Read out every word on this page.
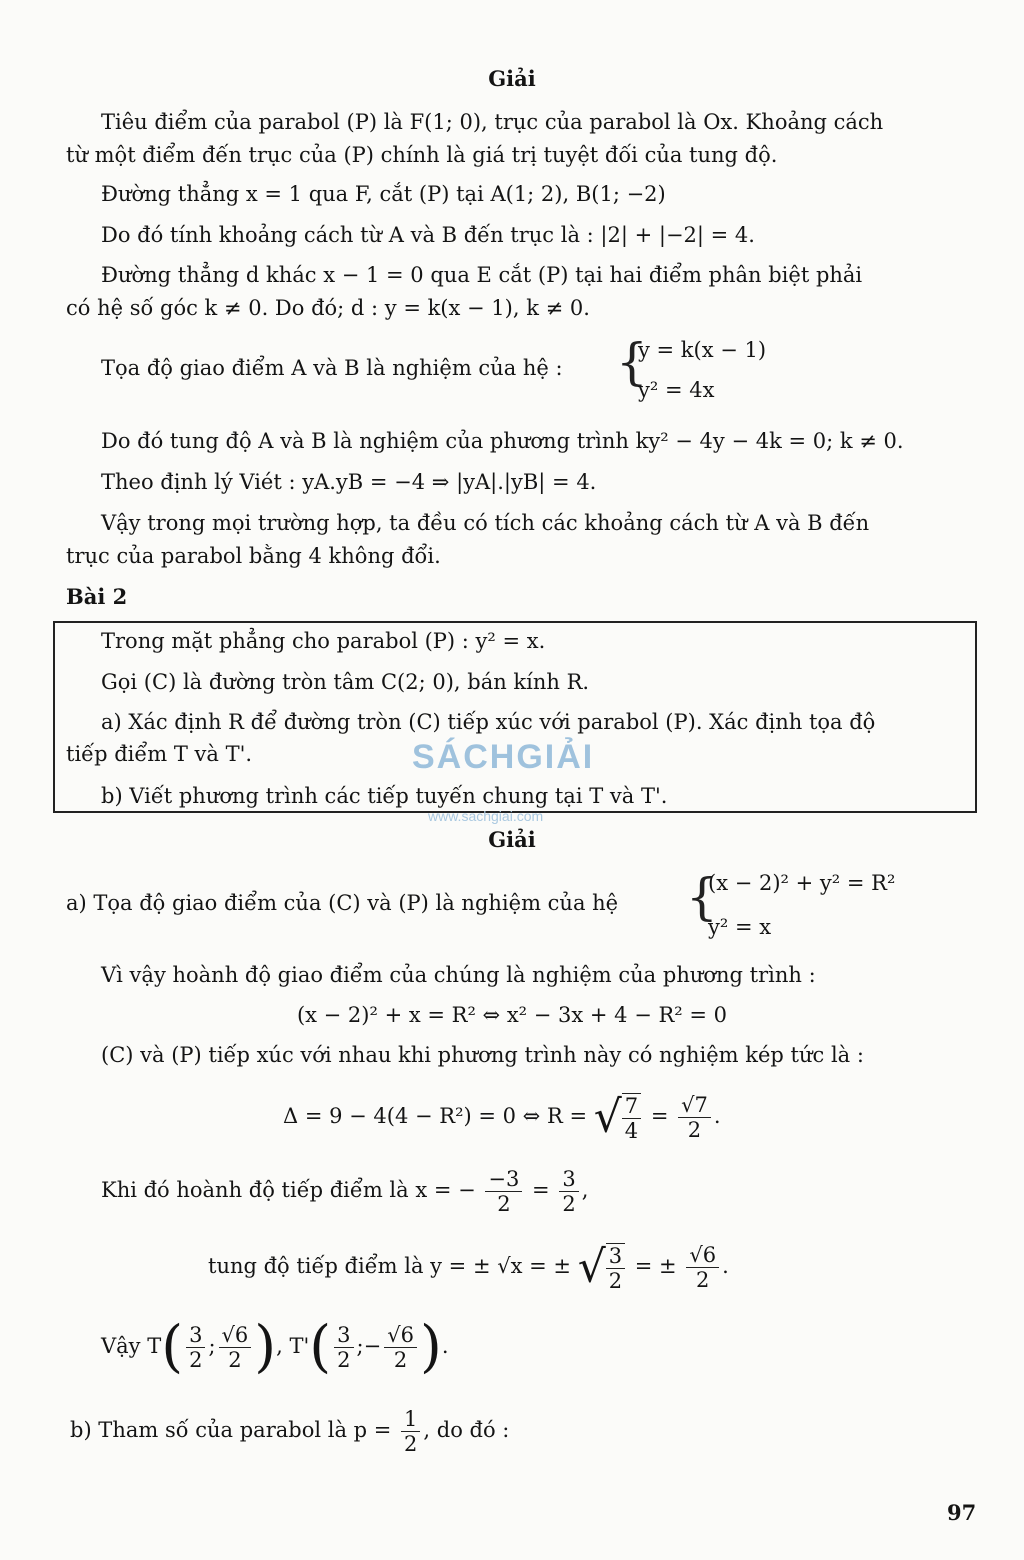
Giải
Tiêu điểm của parabol (P) là F(1; 0), trục của parabol là Ox. Khoảng cách
từ một điểm đến trục của (P) chính là giá trị tuyệt đối của tung độ.
Đường thẳng x = 1 qua F, cắt (P) tại A(1; 2), B(1; −2)
Do đó tính khoảng cách từ A và B đến trục là : |2| + |−2| = 4.
Đường thẳng d khác x − 1 = 0 qua E cắt (P) tại hai điểm phân biệt phải
có hệ số góc k ≠ 0. Do đó; d : y = k(x − 1), k ≠ 0.
Tọa độ giao điểm A và B là nghiệm của hệ : {
y = k(x − 1)
y² = 4x
Do đó tung độ A và B là nghiệm của phương trình ky² − 4y − 4k = 0; k ≠ 0.
Theo định lý Viét : yA.yB = −4 ⇒ |yA|.|yB| = 4.
Vậy trong mọi trường hợp, ta đều có tích các khoảng cách từ A và B đến
trục của parabol bằng 4 không đổi.
Bài 2
Trong mặt phẳng cho parabol (P) : y² = x.
Gọi (C) là đường tròn tâm C(2; 0), bán kính R.
a) Xác định R để đường tròn (C) tiếp xúc với parabol (P). Xác định tọa độ
tiếp điểm T và T'.
b) Viết phương trình các tiếp tuyến chung tại T và T'.
SÁCHGIẢI
www.sachgiai.com
Giải
a) Tọa độ giao điểm của (C) và (P) là nghiệm của hệ {
(x − 2)² + y² = R²
y² = x
Vì vậy hoành độ giao điểm của chúng là nghiệm của phương trình :
(x − 2)² + x = R² ⇔ x² − 3x + 4 − R² = 0
(C) và (P) tiếp xúc với nhau khi phương trình này có nghiệm kép tức là :
Δ = 9 − 4(4 − R²) = 0 ⇔ R = √ $\frac{7}{4} = \frac{√7}{2}$ .
Khi đó hoành độ tiếp điểm là x = − $\frac{-3}{2} = \frac{3}{2}$ ,
tung độ tiếp điểm là y = ± √x = ± √ $\frac{3}{2}$ = ± $\frac{√6}{2}$ .
Vậy $T( \frac{3}{2}$ ; $\frac{√6}{2}$ ), $T'( \frac{3}{2}$ ;− $\frac{√6}{2}$ ).
b) Tham số của parabol là $p = \frac{1}{2}$ , do đó :
97
